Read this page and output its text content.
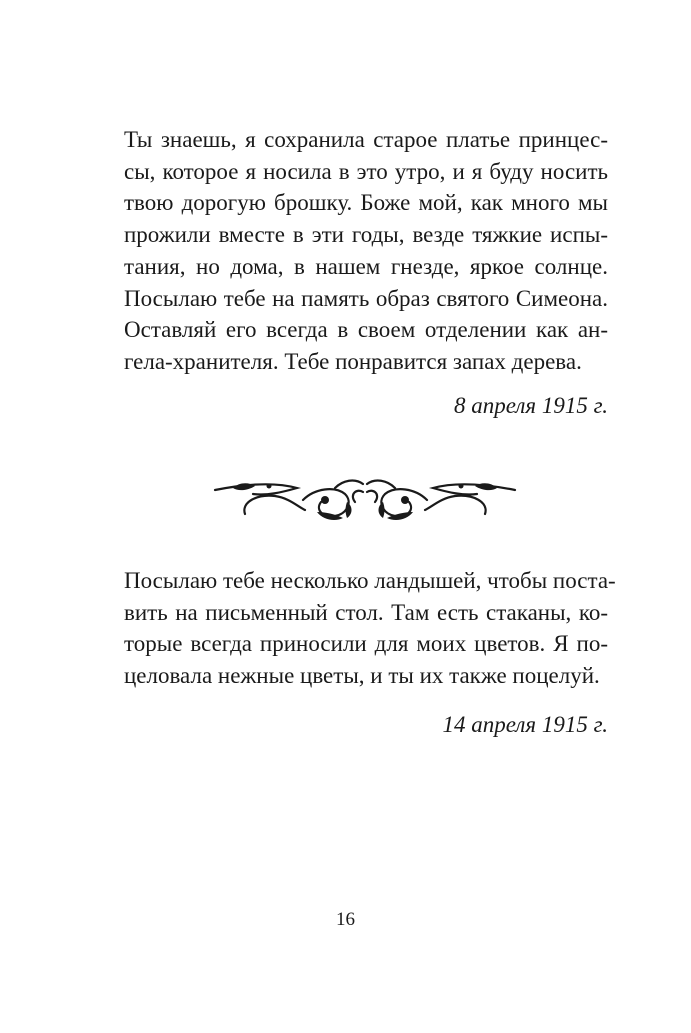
Ты знаешь, я сохранила старое платье принцес-
сы, которое я носила в это утро, и я буду носить
твою дорогую брошку. Боже мой, как много мы
прожили вместе в эти годы, везде тяжкие испы-
тания, но дома, в нашем гнезде, яркое солнце.
Посылаю тебе на память образ святого Симеона.
Оставляй его всегда в своем отделении как ан-
гела-хранителя. Тебе понравится запах дерева.
8 апреля 1915 г.
Посылаю тебе несколько ландышей, чтобы поста-
вить на письменный стол. Там есть стаканы, ко-
торые всегда приносили для моих цветов. Я по-
целовала нежные цветы, и ты их также поцелуй.
14 апреля 1915 г.
16
